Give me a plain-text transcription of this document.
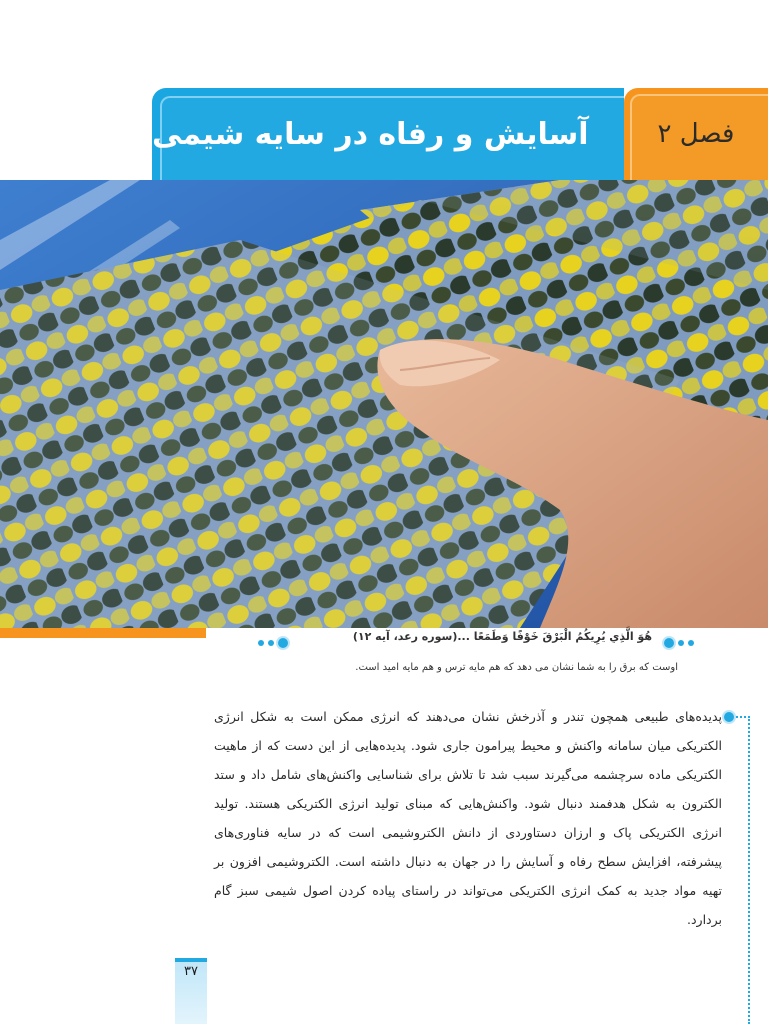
فصل ۲
آسایش و رفاه در سایه شیمی
هُوَ الَّذِي يُرِيكُمُ الْبَرْقَ خَوْفًا وَطَمَعًا ...(سوره رعد، آیه ۱۲)
اوست که برق را به شما نشان می دهد که هم مایه ترس و هم مایه امید است.
پدیده‌های طبیعی همچون تندر و آذرخش نشان می‌دهند که انرژی ممکن است به شکل انرژی الکتریکی میان سامانه واکنش و محیط پیرامون جاری شود. پدیده‌هایی از این دست که از ماهیت الکتریکی ماده سرچشمه می‌گیرند سبب شد تا تلاش برای شناسایی واکنش‌های شامل داد و ستد الکترون به شکل هدفمند دنبال شود. واکنش‌هایی که مبنای تولید انرژی الکتریکی هستند. تولید انرژی الکتریکی پاک و ارزان دستاوردی از دانش الکتروشیمی است که در سایه فناوری‌های پیشرفته، افزایش سطح رفاه و آسایش را در جهان به دنبال داشته است. الکتروشیمی افزون بر تهیه مواد جدید به کمک انرژی الکتریکی می‌تواند در راستای پیاده کردن اصول شیمی سبز گام بردارد.
۳۷
